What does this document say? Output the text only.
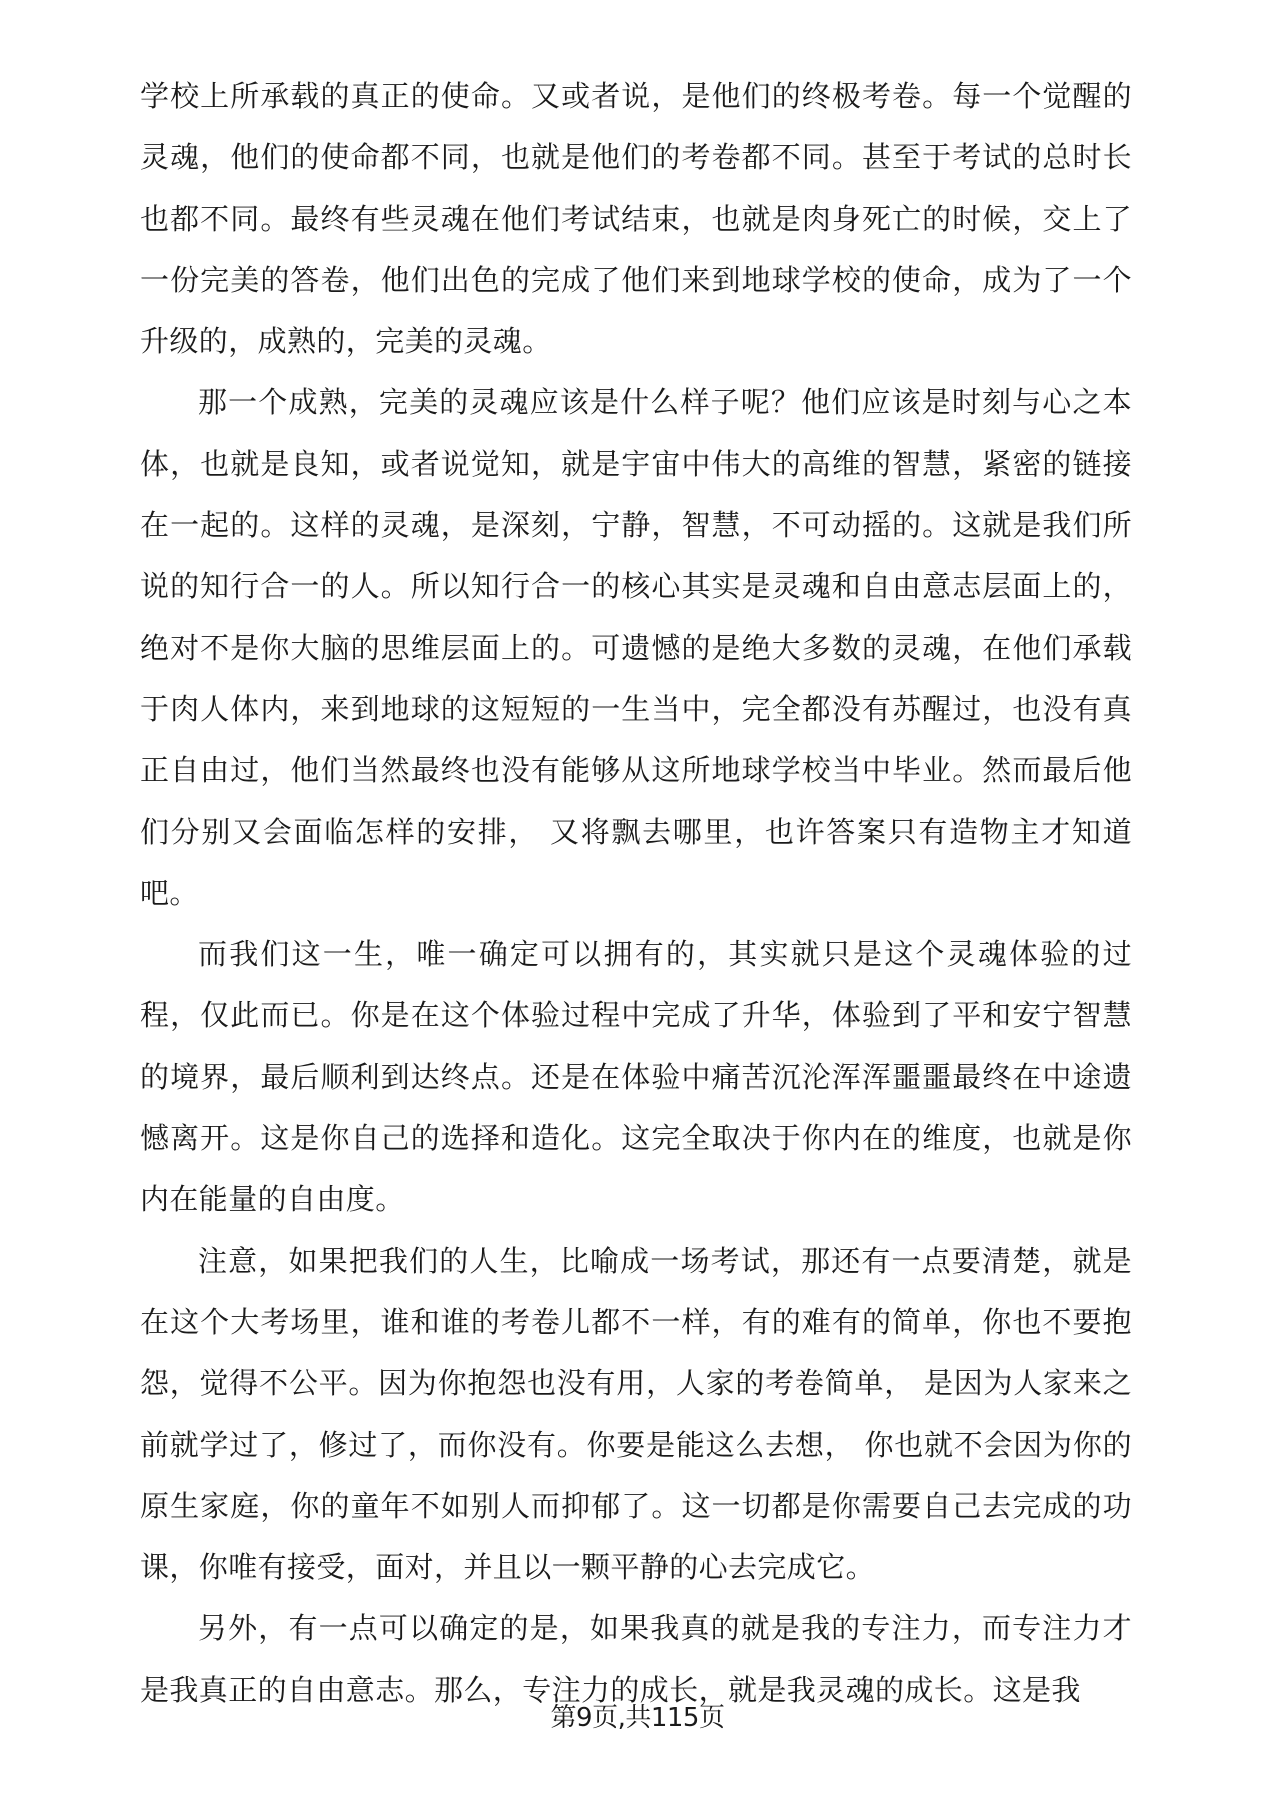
学校上所承载的真正的使命。又或者说，是他们的终极考卷。每一个觉醒的灵魂，他们的使命都不同，也就是他们的考卷都不同。甚至于考试的总时长也都不同。最终有些灵魂在他们考试结束，也就是肉身死亡的时候，交上了一份完美的答卷，他们出色的完成了他们来到地球学校的使命，成为了一个升级的，成熟的，完美的灵魂。

那一个成熟，完美的灵魂应该是什么样子呢？他们应该是时刻与心之本体，也就是良知，或者说觉知，就是宇宙中伟大的高维的智慧，紧密的链接在一起的。这样的灵魂，是深刻，宁静，智慧，不可动摇的。这就是我们所说的知行合一的人。所以知行合一的核心其实是灵魂和自由意志层面上的，绝对不是你大脑的思维层面上的。可遗憾的是绝大多数的灵魂，在他们承载于肉人体内，来到地球的这短短的一生当中，完全都没有苏醒过，也没有真正自由过，他们当然最终也没有能够从这所地球学校当中毕业。然而最后他们分别又会面临怎样的安排， 又将飘去哪里，也许答案只有造物主才知道吧。

而我们这一生，唯一确定可以拥有的，其实就只是这个灵魂体验的过程，仅此而已。你是在这个体验过程中完成了升华，体验到了平和安宁智慧的境界，最后顺利到达终点。还是在体验中痛苦沉沦浑浑噩噩最终在中途遗憾离开。这是你自己的选择和造化。这完全取决于你内在的维度，也就是你内在能量的自由度。

注意，如果把我们的人生，比喻成一场考试，那还有一点要清楚，就是在这个大考场里，谁和谁的考卷儿都不一样，有的难有的简单，你也不要抱怨，觉得不公平。因为你抱怨也没有用，人家的考卷简单， 是因为人家来之前就学过了，修过了，而你没有。你要是能这么去想， 你也就不会因为你的原生家庭，你的童年不如别人而抑郁了。这一切都是你需要自己去完成的功课，你唯有接受，面对，并且以一颗平静的心去完成它。

另外，有一点可以确定的是，如果我真的就是我的专注力，而专注力才是我真正的自由意志。那么，专注力的成长，就是我灵魂的成长。这是我

第9页,共115页
